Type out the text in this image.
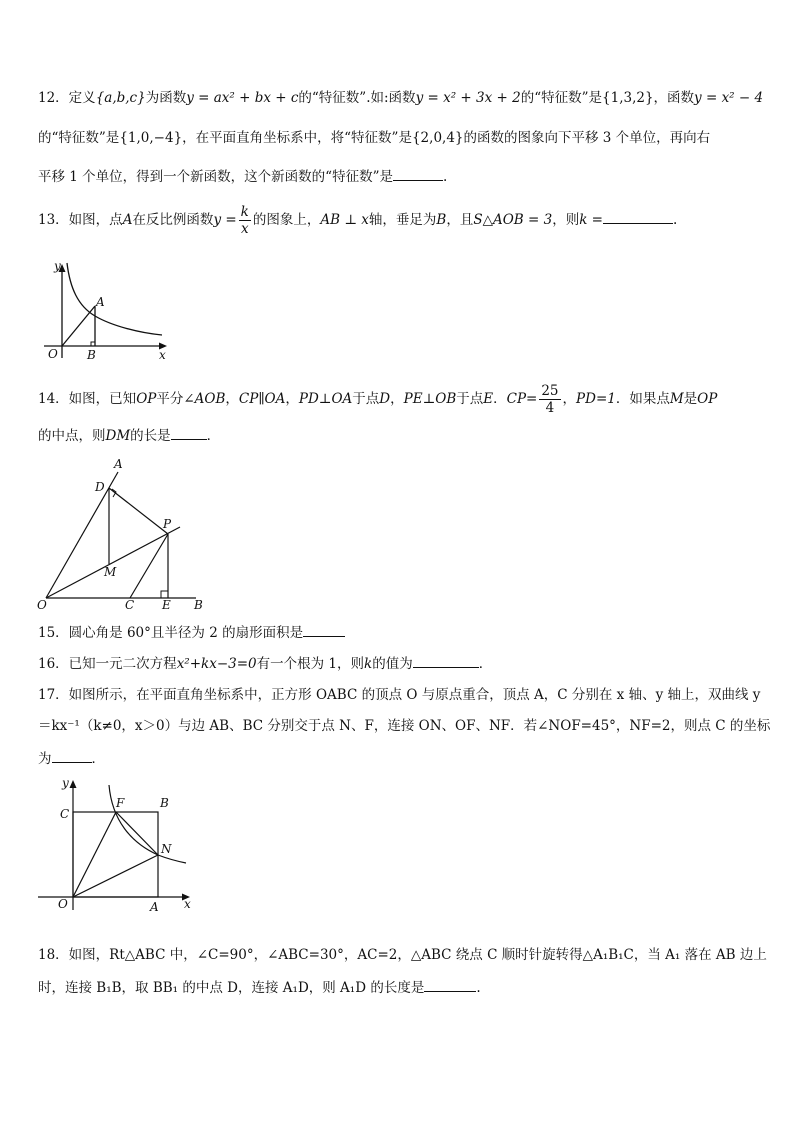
12．定义{a,b,c}为函数y = ax² + bx + c的“特征数”.如:函数y = x² + 3x + 2的“特征数”是{1,3,2}，函数y = x² − 4
的“特征数”是{1,0,−4}，在平面直角坐标系中，将“特征数”是{2,0,4}的函数的图象向下平移 3 个单位，再向右
平移 1 个单位，得到一个新函数，这个新函数的“特征数”是	.
13．如图，点A在反比例函数$y = \frac{k}{x}$ 的图象上，AB ⊥ x轴，垂足为B，且S△AOB = 3，则k =	.
y
x
O
A
B
14．如图，已知OP平分∠AOB，CP∥OA，PD⊥OA于点D，PE⊥OB于点E．$CP= \frac{25}{4}$ ，PD=1．如果点M是OP
的中点，则DM的长是	．
A
D
P
M
O	C E B
15．圆心角是 60°且半径为 2 的扇形面积是
16．已知一元二次方程x²+kx−3=0有一个根为 1，则k的值为	．
17．如图所示，在平面直角坐标系中，正方形 OABC 的顶点 O 与原点重合，顶点 A，C 分别在 x 轴、y 轴上，双曲线 y
＝kx⁻¹（k≠0，x＞0）与边 AB、BC 分别交于点 N、F，连接 ON、OF、NF．若∠NOF=45°，NF=2，则点 C 的坐标
为	．
y
x
C
F	B
N
O	A
18．如图，Rt△ABC 中，∠C=90°，∠ABC=30°，AC=2，△ABC 绕点 C 顺时针旋转得△A₁B₁C，当 A₁ 落在 AB 边上
时，连接 B₁B，取 BB₁ 的中点 D，连接 A₁D，则 A₁D 的长度是	.
